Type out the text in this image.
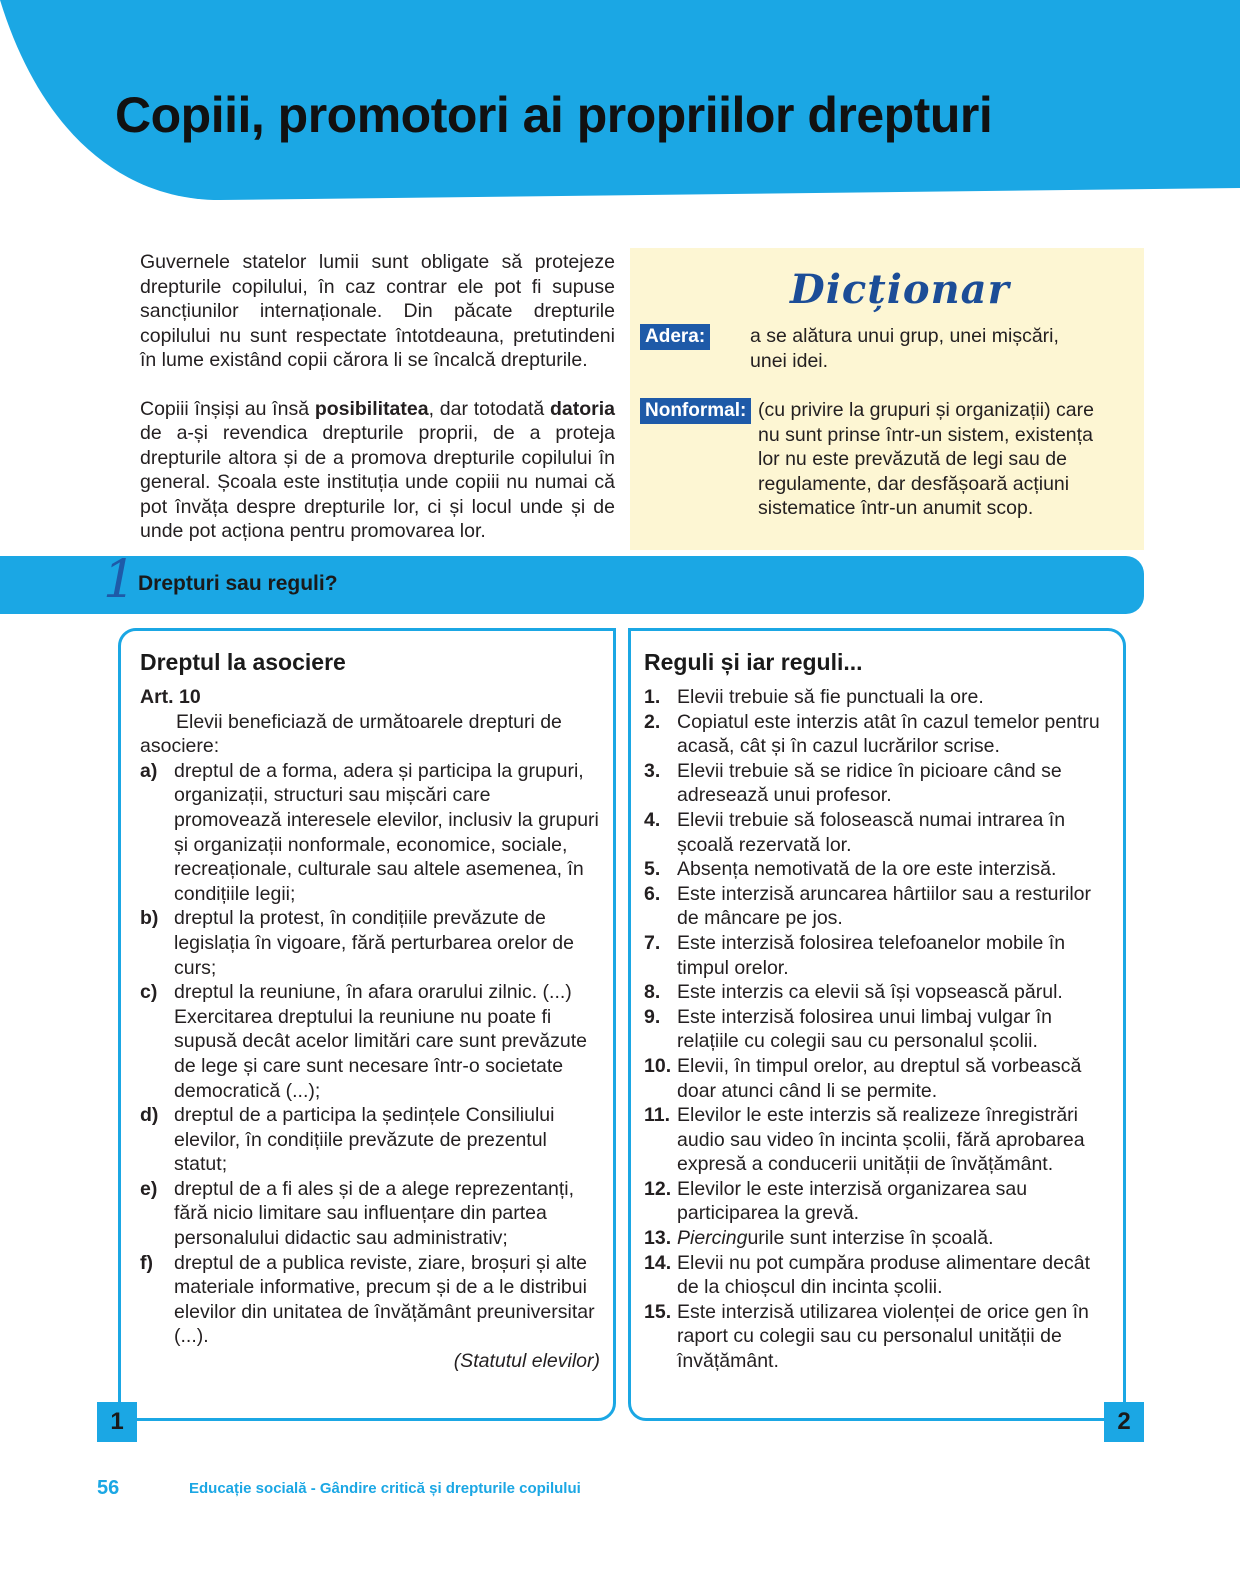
Copiii, promotori ai propriilor drepturi

Guvernele statelor lumii sunt obligate să protejeze drepturile copilului, în caz contrar ele pot fi supuse sancțiunilor internaționale. Din păcate drepturile copilului nu sunt respectate întotdeauna, pretutindeni în lume existând copii cărora li se încalcă drepturile.

Copiii înșiși au însă posibilitatea, dar totodată datoria de a-și revendica drepturile proprii, de a proteja drepturile altora și de a promova drepturile copilului în general. Școala este instituția unde copiii nu numai că pot învăța despre drepturile lor, ci și locul unde și de unde pot acționa pentru promovarea lor.

Dicționar
Adera: a se alătura unui grup, unei mișcări, unei idei.
Nonformal: (cu privire la grupuri și organizații) care nu sunt prinse într-un sistem, existența lor nu este prevăzută de legi sau de regulamente, dar desfășoară acțiuni sistematice într-un anumit scop.
1 Drepturi sau reguli?
Dreptul la asociere
Art. 10
Elevii beneficiază de următoarele drepturi de asociere:
a) dreptul de a forma, adera și participa la grupuri, organizații, structuri sau mișcări care promovează interesele elevilor, inclusiv la grupuri și organizații nonformale, economice, sociale, recreaționale, culturale sau altele asemenea, în condițiile legii;
b) dreptul la protest, în condițiile prevăzute de legislația în vigoare, fără perturbarea orelor de curs;
c) dreptul la reuniune, în afara orarului zilnic. (...) Exercitarea dreptului la reuniune nu poate fi supusă decât acelor limitări care sunt prevăzute de lege și care sunt necesare într-o societate democratică (...);
d) dreptul de a participa la ședințele Consiliului elevilor, în condițiile prevăzute de prezentul statut;
e) dreptul de a fi ales și de a alege reprezentanți, fără nicio limitare sau influențare din partea personalului didactic sau administrativ;
f)	dreptul de a publica reviste, ziare, broșuri și alte materiale informative, precum și de a le distribui elevilor din unitatea de învățământ preuniversitar (...).
(Statutul elevilor)
Reguli și iar reguli...
1. Elevii trebuie să fie punctuali la ore.
2. Copiatul este interzis atât în cazul temelor pentru acasă, cât și în cazul lucrărilor scrise.
3. Elevii trebuie să se ridice în picioare când se adresează unui profesor.
4. Elevii trebuie să folosească numai intrarea în școală rezervată lor.
5. Absența nemotivată de la ore este interzisă.
6. Este interzisă aruncarea hârtiilor sau a resturilor de mâncare pe jos.
7. Este interzisă folosirea telefoanelor mobile în timpul orelor.
8. Este interzis ca elevii să își vopsească părul.
9. Este interzisă folosirea unui limbaj vulgar în relațiile cu colegii sau cu personalul școlii.
10. Elevii, în timpul orelor, au dreptul să vorbească doar atunci când li se permite.
11. Elevilor le este interzis să realizeze înregistrări audio sau video în incinta școlii, fără aprobarea expresă a conducerii unității de învățământ.
12. Elevilor le este interzisă organizarea sau participarea la grevă.
13. Piercingurile sunt interzise în școală.
14. Elevii nu pot cumpăra produse alimentare decât de la chioșcul din incinta școlii.
15. Este interzisă utilizarea violenței de orice gen în raport cu colegii sau cu personalul unității de învățământ.
1	2
56	Educație socială - Gândire critică și drepturile copilului
